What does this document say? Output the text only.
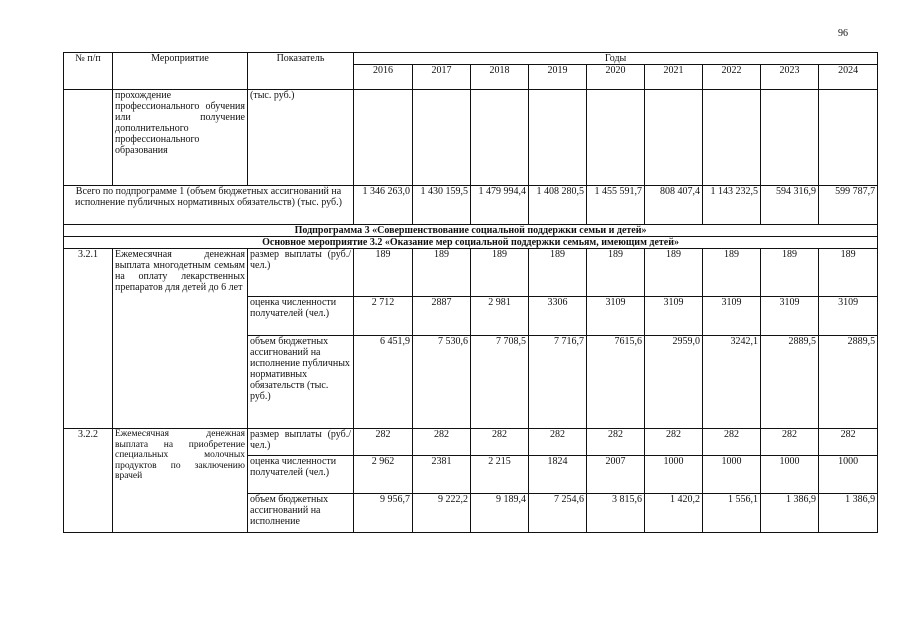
96
№ п/п	Мероприятие	Показатель	Годы								
			2016	2017	2018	2019	2020	2021	2022	2023	2024
	прохождение профессионального обучения или получение дополнительного профессионального образования	(тыс. руб.)									
Всего по подпрограмме 1 (объем бюджетных ассигнований на исполнение публичных нормативных обязательств) (тыс. руб.)			1 346 263,0	1 430 159,5	1 479 994,4	1 408 280,5	1 455 591,7	808 407,4	1 143 232,5	594 316,9	599 787,7
Подпрограмма 3 «Совершенствование социальной поддержки семьи и детей»											
Основное мероприятие 3.2 «Оказание мер социальной поддержки семьям, имеющим детей»											
3.2.1	Ежемесячная денежная выплата многодетным семьям на оплату лекарственных препаратов для детей до 6 лет	размер выплаты (руб./ чел.)	189	189	189	189	189	189	189	189	189
		оценка численности получателей (чел.)	2 712	2887	2 981	3306	3109	3109	3109	3109	3109
		объем бюджетных ассигнований на исполнение публичных нормативных обязательств (тыс. руб.)	6 451,9	7 530,6	7 708,5	7 716,7	7615,6	2959,0	3242,1	2889,5	2889,5
3.2.2	Ежемесячная денежная выплата на приобретение специальных молочных продуктов по заключению врачей	размер выплаты (руб./ чел.)	282	282	282	282	282	282	282	282	282
		оценка численности получателей (чел.)	2 962	2381	2 215	1824	2007	1000	1000	1000	1000
		объем бюджетных ассигнований на исполнение	9 956,7	9 222,2	9 189,4	7 254,6	3 815,6	1 420,2	1 556,1	1 386,9	1 386,9
